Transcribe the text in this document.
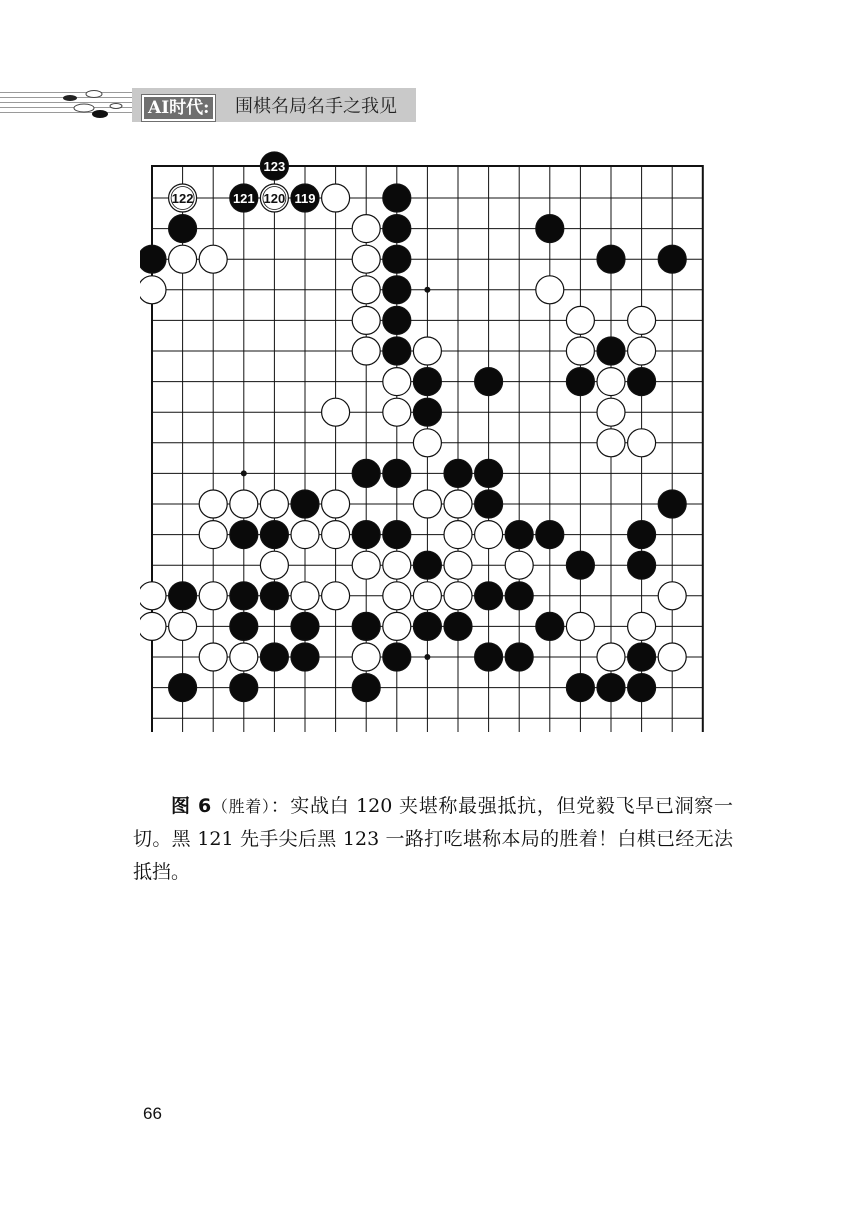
AI时代:	围棋名局名手之我见
123
122	121 120 119

图 6（胜着）：实战白 120 夹堪称最强抵抗，但党毅飞早已洞察一切。黑 121 先手尖后黑 123 一路打吃堪称本局的胜着！白棋已经无法抵挡。

66
